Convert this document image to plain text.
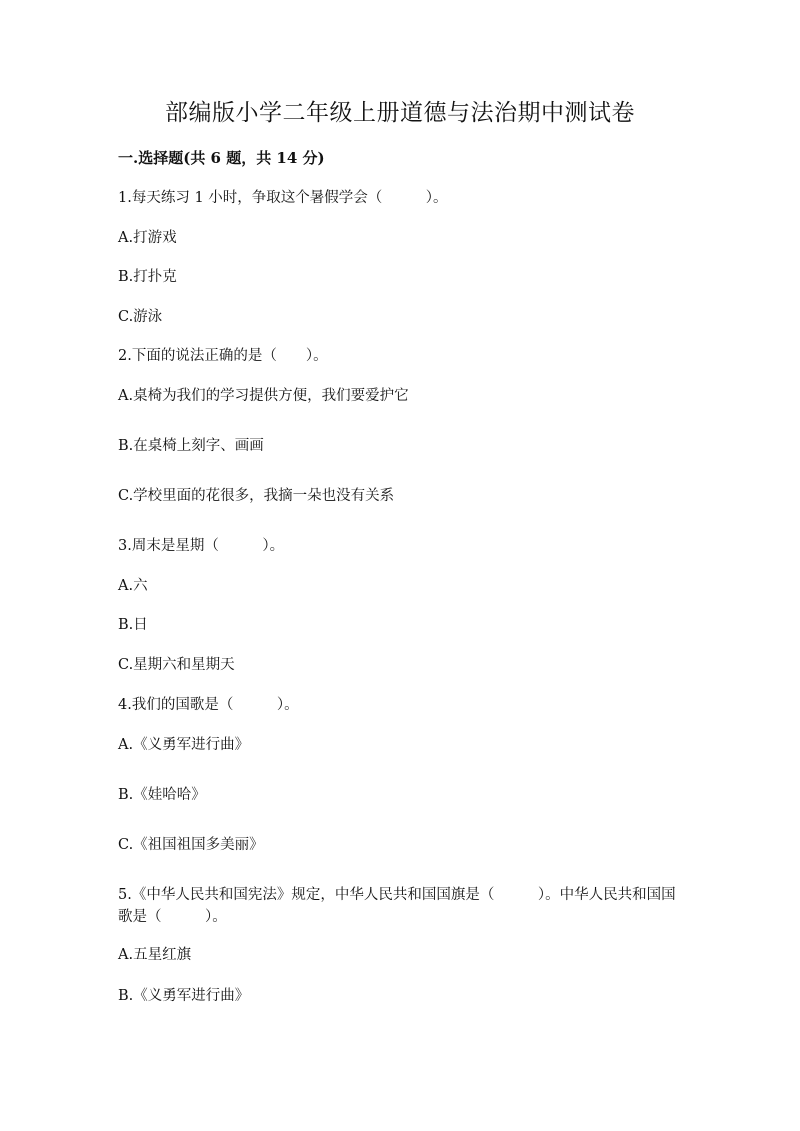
部编版小学二年级上册道德与法治期中测试卷
一.选择题(共 6 题，共 14 分)
1.每天练习 1 小时，争取这个暑假学会（　　　）。
A.打游戏
B.打扑克
C.游泳
2.下面的说法正确的是（　　）。
A.桌椅为我们的学习提供方便，我们要爱护它
B.在桌椅上刻字、画画
C.学校里面的花很多，我摘一朵也没有关系
3.周末是星期（　　　）。
A.六
B.日
C.星期六和星期天
4.我们的国歌是（　　　）。
A.《义勇军进行曲》
B.《娃哈哈》
C.《祖国祖国多美丽》
5.《中华人民共和国宪法》规定，中华人民共和国国旗是（　　　）。中华人民共和国国歌是（　　　）。
A.五星红旗
B.《义勇军进行曲》
